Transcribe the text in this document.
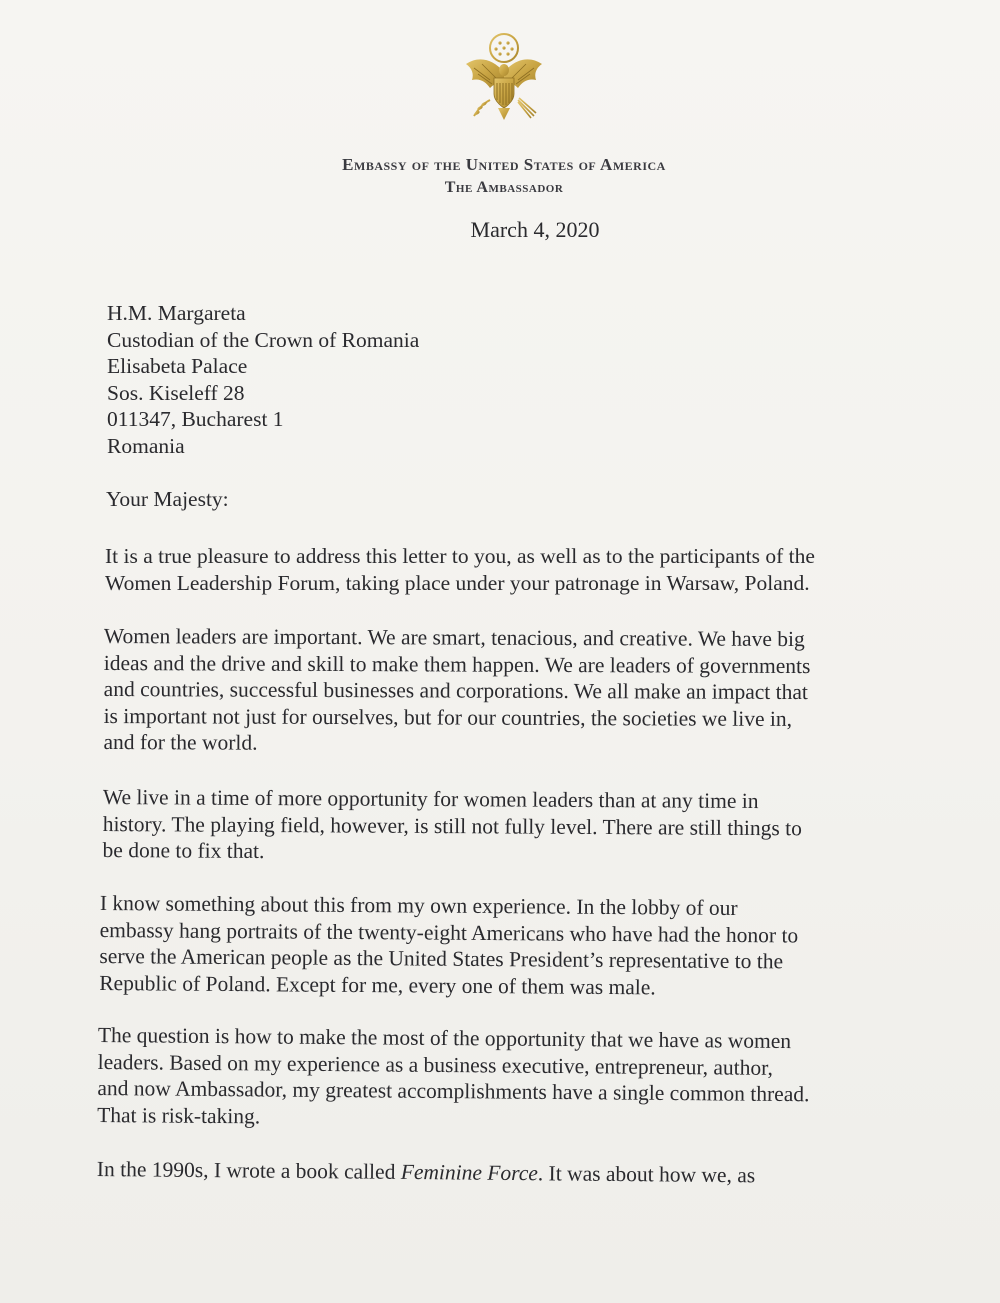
Embassy of the United States of America
The Ambassador
March 4, 2020
H.M. Margareta
Custodian of the Crown of Romania
Elisabeta Palace
Sos. Kiseleff 28
011347, Bucharest 1
Romania
Your Majesty:
It is a true pleasure to address this letter to you, as well as to the participants of the
Women Leadership Forum, taking place under your patronage in Warsaw, Poland.
Women leaders are important. We are smart, tenacious, and creative. We have big
ideas and the drive and skill to make them happen. We are leaders of governments
and countries, successful businesses and corporations. We all make an impact that
is important not just for ourselves, but for our countries, the societies we live in,
and for the world.
We live in a time of more opportunity for women leaders than at any time in
history. The playing field, however, is still not fully level. There are still things to
be done to fix that.
I know something about this from my own experience. In the lobby of our
embassy hang portraits of the twenty-eight Americans who have had the honor to
serve the American people as the United States President’s representative to the
Republic of Poland. Except for me, every one of them was male.
The question is how to make the most of the opportunity that we have as women
leaders. Based on my experience as a business executive, entrepreneur, author,
and now Ambassador, my greatest accomplishments have a single common thread.
That is risk-taking.
In the 1990s, I wrote a book called Feminine Force. It was about how we, as
